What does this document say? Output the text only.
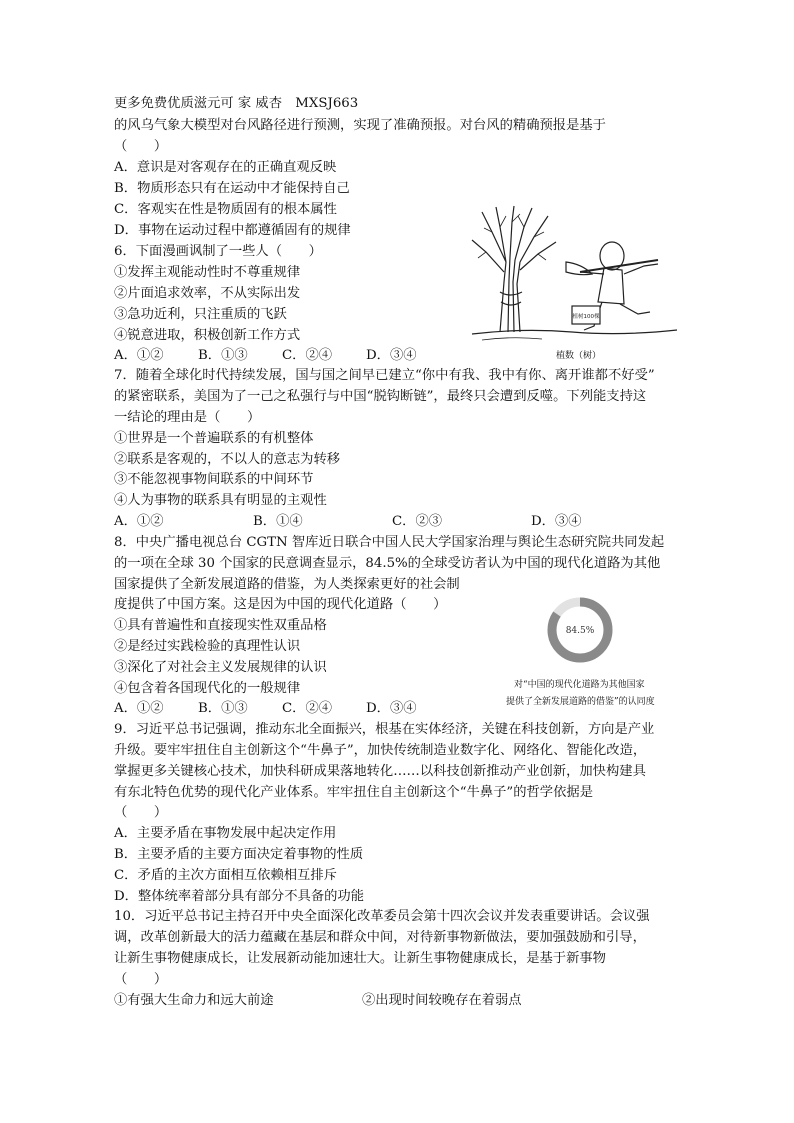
更多免费优质滋元可 家 威杏　MXSJ663
的风乌气象大模型对台风路径进行预测，实现了准确预报。对台风的精确预报是基于
（　　）
A．意识是对客观存在的正确直观反映
B．物质形态只有在运动中才能保持自己
C．客观实在性是物质固有的根本属性
D．事物在运动过程中都遵循固有的规律
6．下面漫画讽制了一些人（　　）
①发挥主观能动性时不尊重规律
②片面追求效率，不从实际出发
③急功近利，只注重质的飞跃
④锐意进取，积极创新工作方式
A．①②	B．①③	C．②④	D．③④
植树100棵
植数（树）
7．随着全球化时代持续发展，国与国之间早已建立“你中有我、我中有你、离开谁都不好受”
的紧密联系，美国为了一己之私强行与中国“脱钩断链”，最终只会遭到反噬。下列能支持这
一结论的理由是（　　）
①世界是一个普遍联系的有机整体
②联系是客观的，不以人的意志为转移
③不能忽视事物间联系的中间环节
④人为事物的联系具有明显的主观性
A．①②	B．①④	C．②③	D．③④
8．中央广播电视总台 CGTN 智库近日联合中国人民大学国家治理与舆论生态研究院共同发起
的一项在全球 30 个国家的民意调查显示，84.5%的全球受访者认为中国的现代化道路为其他
国家提供了全新发展道路的借鉴，为人类探索更好的社会制
度提供了中国方案。这是因为中国的现代化道路（　　）
①具有普遍性和直接现实性双重品格
②是经过实践检验的真理性认识
③深化了对社会主义发展规律的认识
④包含着各国现代化的一般规律
A．①②	B．①③	C．②④	D．③④
84.5%
对“中国的现代化道路为其他国家
提供了全新发展道路的借鉴”的认同度
9．习近平总书记强调，推动东北全面振兴，根基在实体经济，关键在科技创新，方向是产业
升级。要牢牢扭住自主创新这个“牛鼻子”，加快传统制造业数字化、网络化、智能化改造，
掌握更多关键核心技术，加快科研成果落地转化……以科技创新推动产业创新，加快构建具
有东北特色优势的现代化产业体系。牢牢扭住自主创新这个“牛鼻子”的哲学依据是
（　　）
A．主要矛盾在事物发展中起决定作用
B．主要矛盾的主要方面决定着事物的性质
C．矛盾的主次方面相互依赖相互排斥
D．整体统率着部分具有部分不具备的功能
10．习近平总书记主持召开中央全面深化改革委员会第十四次会议并发表重要讲话。会议强
调，改革创新最大的活力蕴藏在基层和群众中间，对待新事物新做法，要加强鼓励和引导，
让新生事物健康成长，让发展新动能加速壮大。让新生事物健康成长，是基于新事物
（　　）
①有强大生命力和远大前途	②出现时间较晚存在着弱点
